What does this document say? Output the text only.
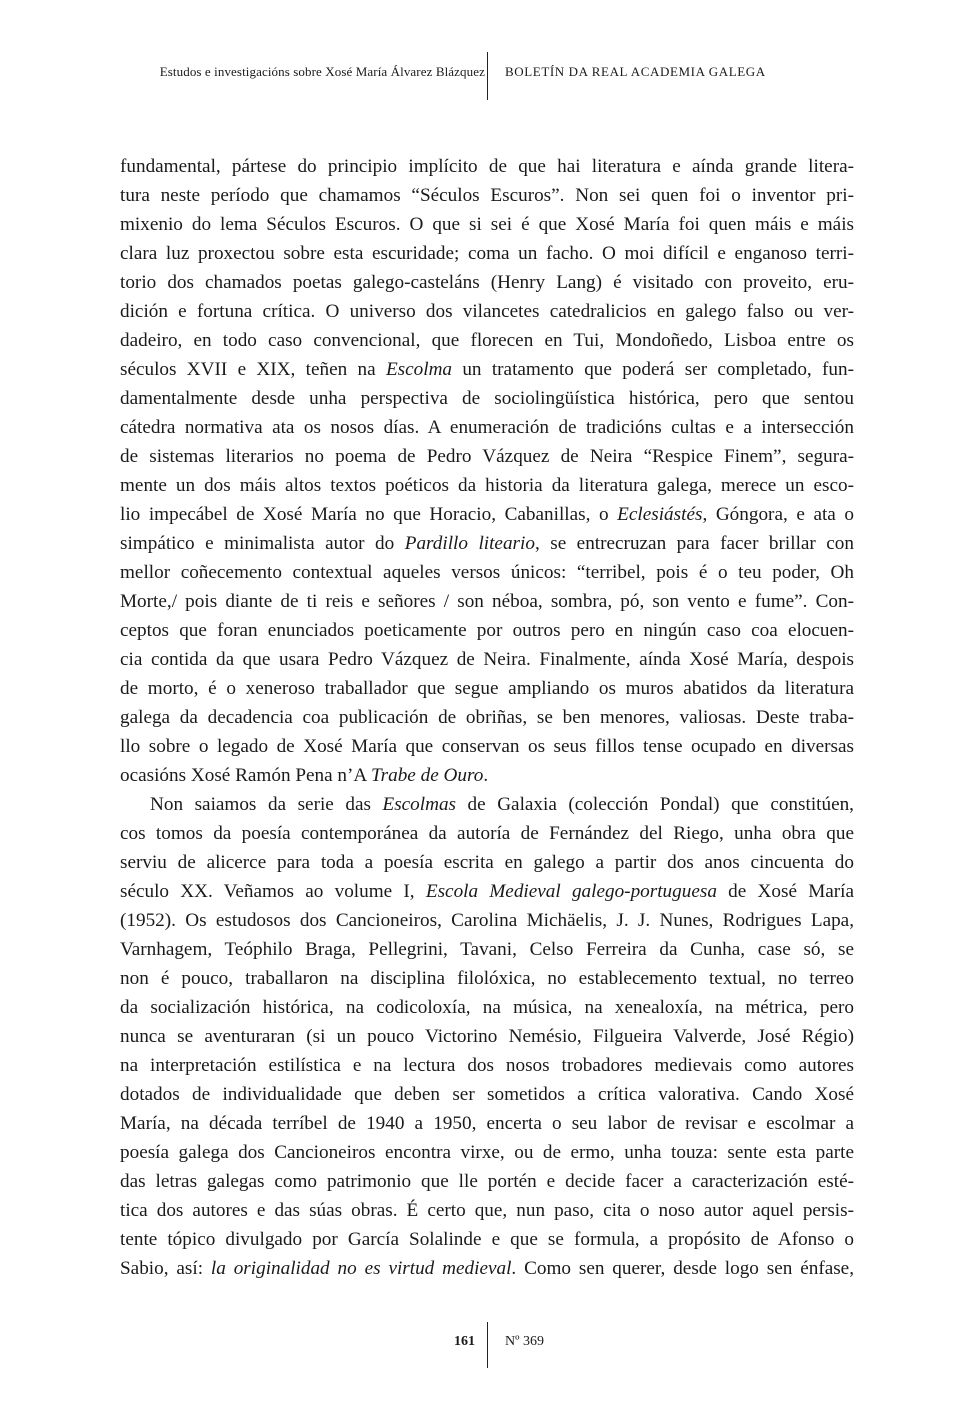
Estudos e investigacións sobre Xosé María Álvarez Blázquez BOLETÍN DA REAL ACADEMIA GALEGA

fundamental, pártese do principio implícito de que hai literatura e aínda grande litera-
tura neste período que chamamos “Séculos Escuros”. Non sei quen foi o inventor pri-
mixenio do lema Séculos Escuros. O que si sei é que Xosé María foi quen máis e máis
clara luz proxectou sobre esta escuridade; coma un facho. O moi difícil e enganoso terri-
torio dos chamados poetas galego-casteláns (Henry Lang) é visitado con proveito, eru-
dición e fortuna crítica. O universo dos vilancetes catedralicios en galego falso ou ver-
dadeiro, en todo caso convencional, que florecen en Tui, Mondoñedo, Lisboa entre os
séculos XVII e XIX, teñen na Escolma un tratamento que poderá ser completado, fun-
damentalmente desde unha perspectiva de sociolingüística histórica, pero que sentou
cátedra normativa ata os nosos días. A enumeración de tradicións cultas e a intersección
de sistemas literarios no poema de Pedro Vázquez de Neira “Respice Finem”, segura-
mente un dos máis altos textos poéticos da historia da literatura galega, merece un esco-
lio impecábel de Xosé María no que Horacio, Cabanillas, o Eclesiástés, Góngora, e ata o
simpático e minimalista autor do Pardillo liteario, se entrecruzan para facer brillar con
mellor coñecemento contextual aqueles versos únicos: “terribel, pois é o teu poder, Oh
Morte,/ pois diante de ti reis e señores / son néboa, sombra, pó, son vento e fume”. Con-
ceptos que foran enunciados poeticamente por outros pero en ningún caso coa elocuen-
cia contida da que usara Pedro Vázquez de Neira. Finalmente, aínda Xosé María, despois
de morto, é o xeneroso traballador que segue ampliando os muros abatidos da literatura
galega da decadencia coa publicación de obriñas, se ben menores, valiosas. Deste traba-
llo sobre o legado de Xosé María que conservan os seus fillos tense ocupado en diversas
ocasións Xosé Ramón Pena n’A Trabe de Ouro.

Non saiamos da serie das Escolmas de Galaxia (colección Pondal) que constitúen,
cos tomos da poesía contemporánea da autoría de Fernández del Riego, unha obra que
serviu de alicerce para toda a poesía escrita en galego a partir dos anos cincuenta do
século XX. Veñamos ao volume I, Escola Medieval galego-portuguesa de Xosé María
(1952). Os estudosos dos Cancioneiros, Carolina Michäelis, J. J. Nunes, Rodrigues Lapa,
Varnhagem, Teóphilo Braga, Pellegrini, Tavani, Celso Ferreira da Cunha, case só, se
non é pouco, traballaron na disciplina filolóxica, no establecemento textual, no terreo
da socialización histórica, na codicoloxía, na música, na xenealoxía, na métrica, pero
nunca se aventuraran (si un pouco Victorino Nemésio, Filgueira Valverde, José Régio)
na interpretación estilística e na lectura dos nosos trobadores medievais como autores
dotados de individualidade que deben ser sometidos a crítica valorativa. Cando Xosé
María, na década terríbel de 1940 a 1950, encerta o seu labor de revisar e escolmar a
poesía galega dos Cancioneiros encontra virxe, ou de ermo, unha touza: sente esta parte
das letras galegas como patrimonio que lle portén e decide facer a caracterización esté-
tica dos autores e das súas obras. É certo que, nun paso, cita o noso autor aquel persis-
tente tópico divulgado por García Solalinde e que se formula, a propósito de Afonso o
Sabio, así: la originalidad no es virtud medieval. Como sen querer, desde logo sen énfase,

161 Nº 369
